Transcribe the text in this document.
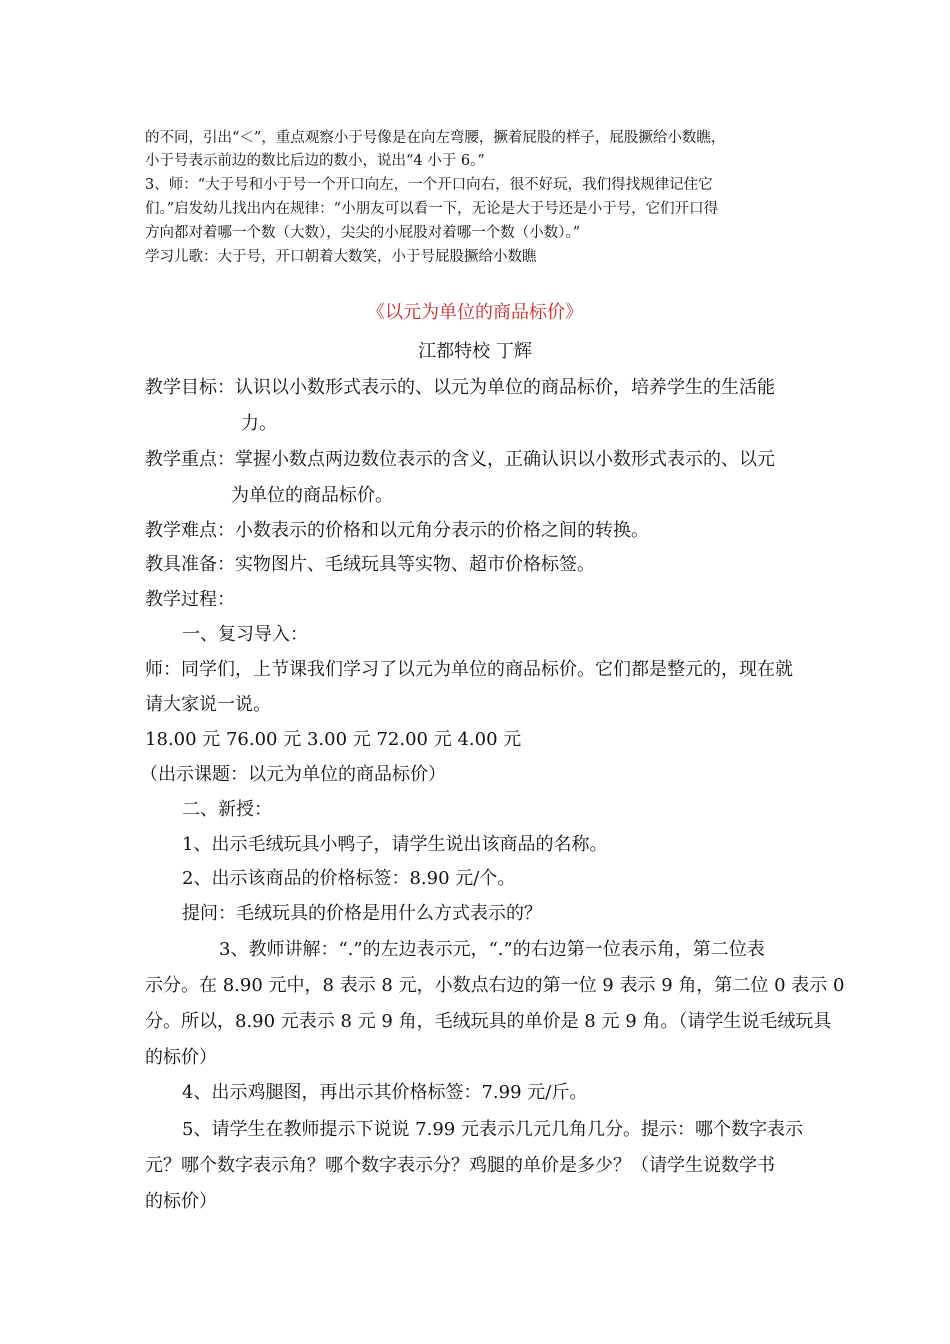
的不同，引出“＜”，重点观察小于号像是在向左弯腰，撅着屁股的样子，屁股撅给小数瞧，
小于号表示前边的数比后边的数小，说出“4 小于 6。”
3、师：“大于号和小于号一个开口向左，一个开口向右，很不好玩，我们得找规律记住它
们。”启发幼儿找出内在规律：“小朋友可以看一下，无论是大于号还是小于号，它们开口得
方向都对着哪一个数（大数），尖尖的小屁股对着哪一个数（小数）。”
学习儿歌：大于号，开口朝着大数笑，小于号屁股撅给小数瞧
《以元为单位的商品标价》
江都特校 丁辉
教学目标：认识以小数形式表示的、以元为单位的商品标价，培养学生的生活能
力。
教学重点：掌握小数点两边数位表示的含义，正确认识以小数形式表示的、以元
为单位的商品标价。
教学难点：小数表示的价格和以元角分表示的价格之间的转换。
教具准备：实物图片、毛绒玩具等实物、超市价格标签。
教学过程：
一、复习导入：
师：同学们，上节课我们学习了以元为单位的商品标价。它们都是整元的，现在就
请大家说一说。
18.00 元 76.00 元 3.00 元 72.00 元 4.00 元
（出示课题：以元为单位的商品标价）
二、新授：
1、出示毛绒玩具小鸭子，请学生说出该商品的名称。
2、出示该商品的价格标签：8.90 元/个。
提问：毛绒玩具的价格是用什么方式表示的？
3、教师讲解：“.”的左边表示元，“.”的右边第一位表示角，第二位表
示分。在 8.90 元中，8 表示 8 元，小数点右边的第一位 9 表示 9 角，第二位 0 表示 0
分。所以，8.90 元表示 8 元 9 角，毛绒玩具的单价是 8 元 9 角。（请学生说毛绒玩具
的标价）
4、出示鸡腿图，再出示其价格标签：7.99 元/斤。
5、请学生在教师提示下说说 7.99 元表示几元几角几分。提示：哪个数字表示
元？哪个数字表示角？哪个数字表示分？鸡腿的单价是多少？（请学生说数学书
的标价）
